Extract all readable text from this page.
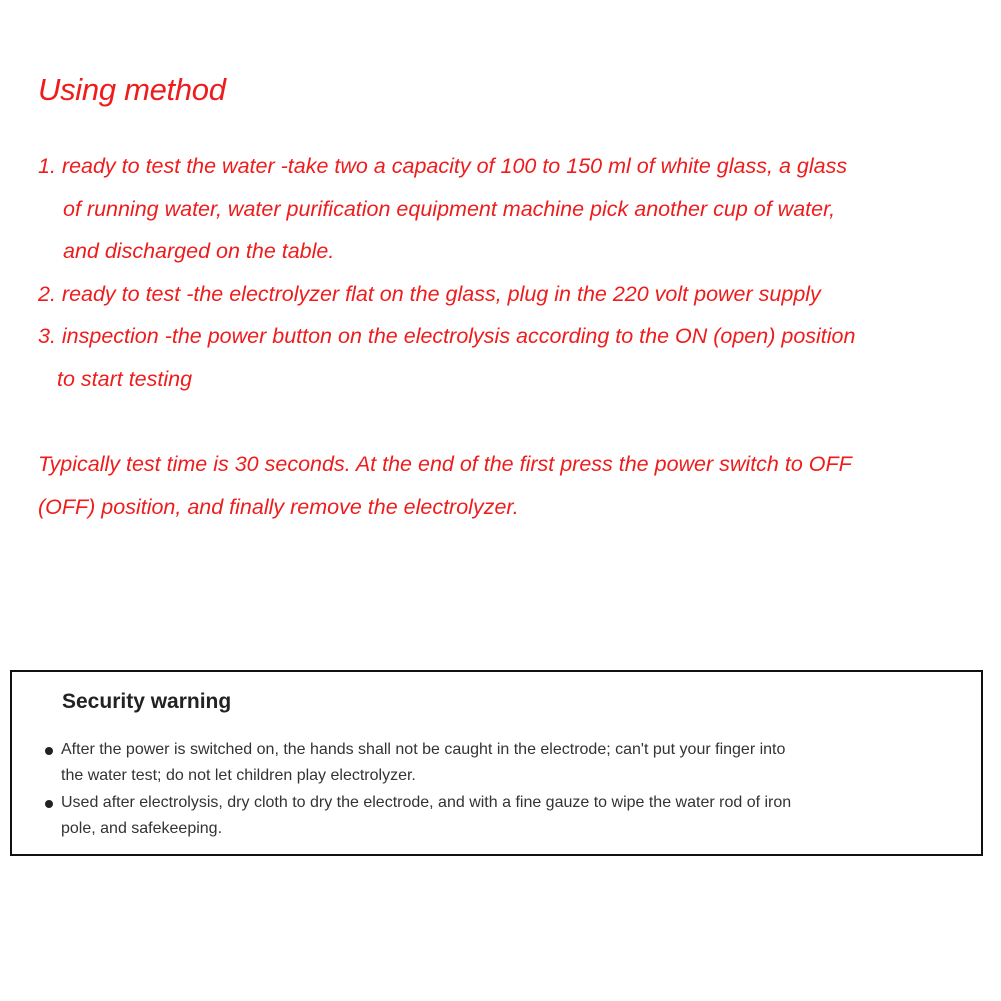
Using method

1. ready to test the water -take two a capacity of 100 to 150 ml of white glass, a glass

of running water, water purification equipment machine pick another cup of water,

and discharged on the table.

2. ready to test -the electrolyzer flat on the glass, plug in the 220 volt power supply

3. inspection -the power button on the electrolysis according to the ON (open) position

to start testing

Typically test time is 30 seconds. At the end of the first press the power switch to OFF

(OFF) position, and finally remove the electrolyzer.

Security warning

After the power is switched on, the hands shall not be caught in the electrode; can't put your finger into

the water test; do not let children play electrolyzer.

Used after electrolysis, dry cloth to dry the electrode, and with a fine gauze to wipe the water rod of iron

pole, and safekeeping.
